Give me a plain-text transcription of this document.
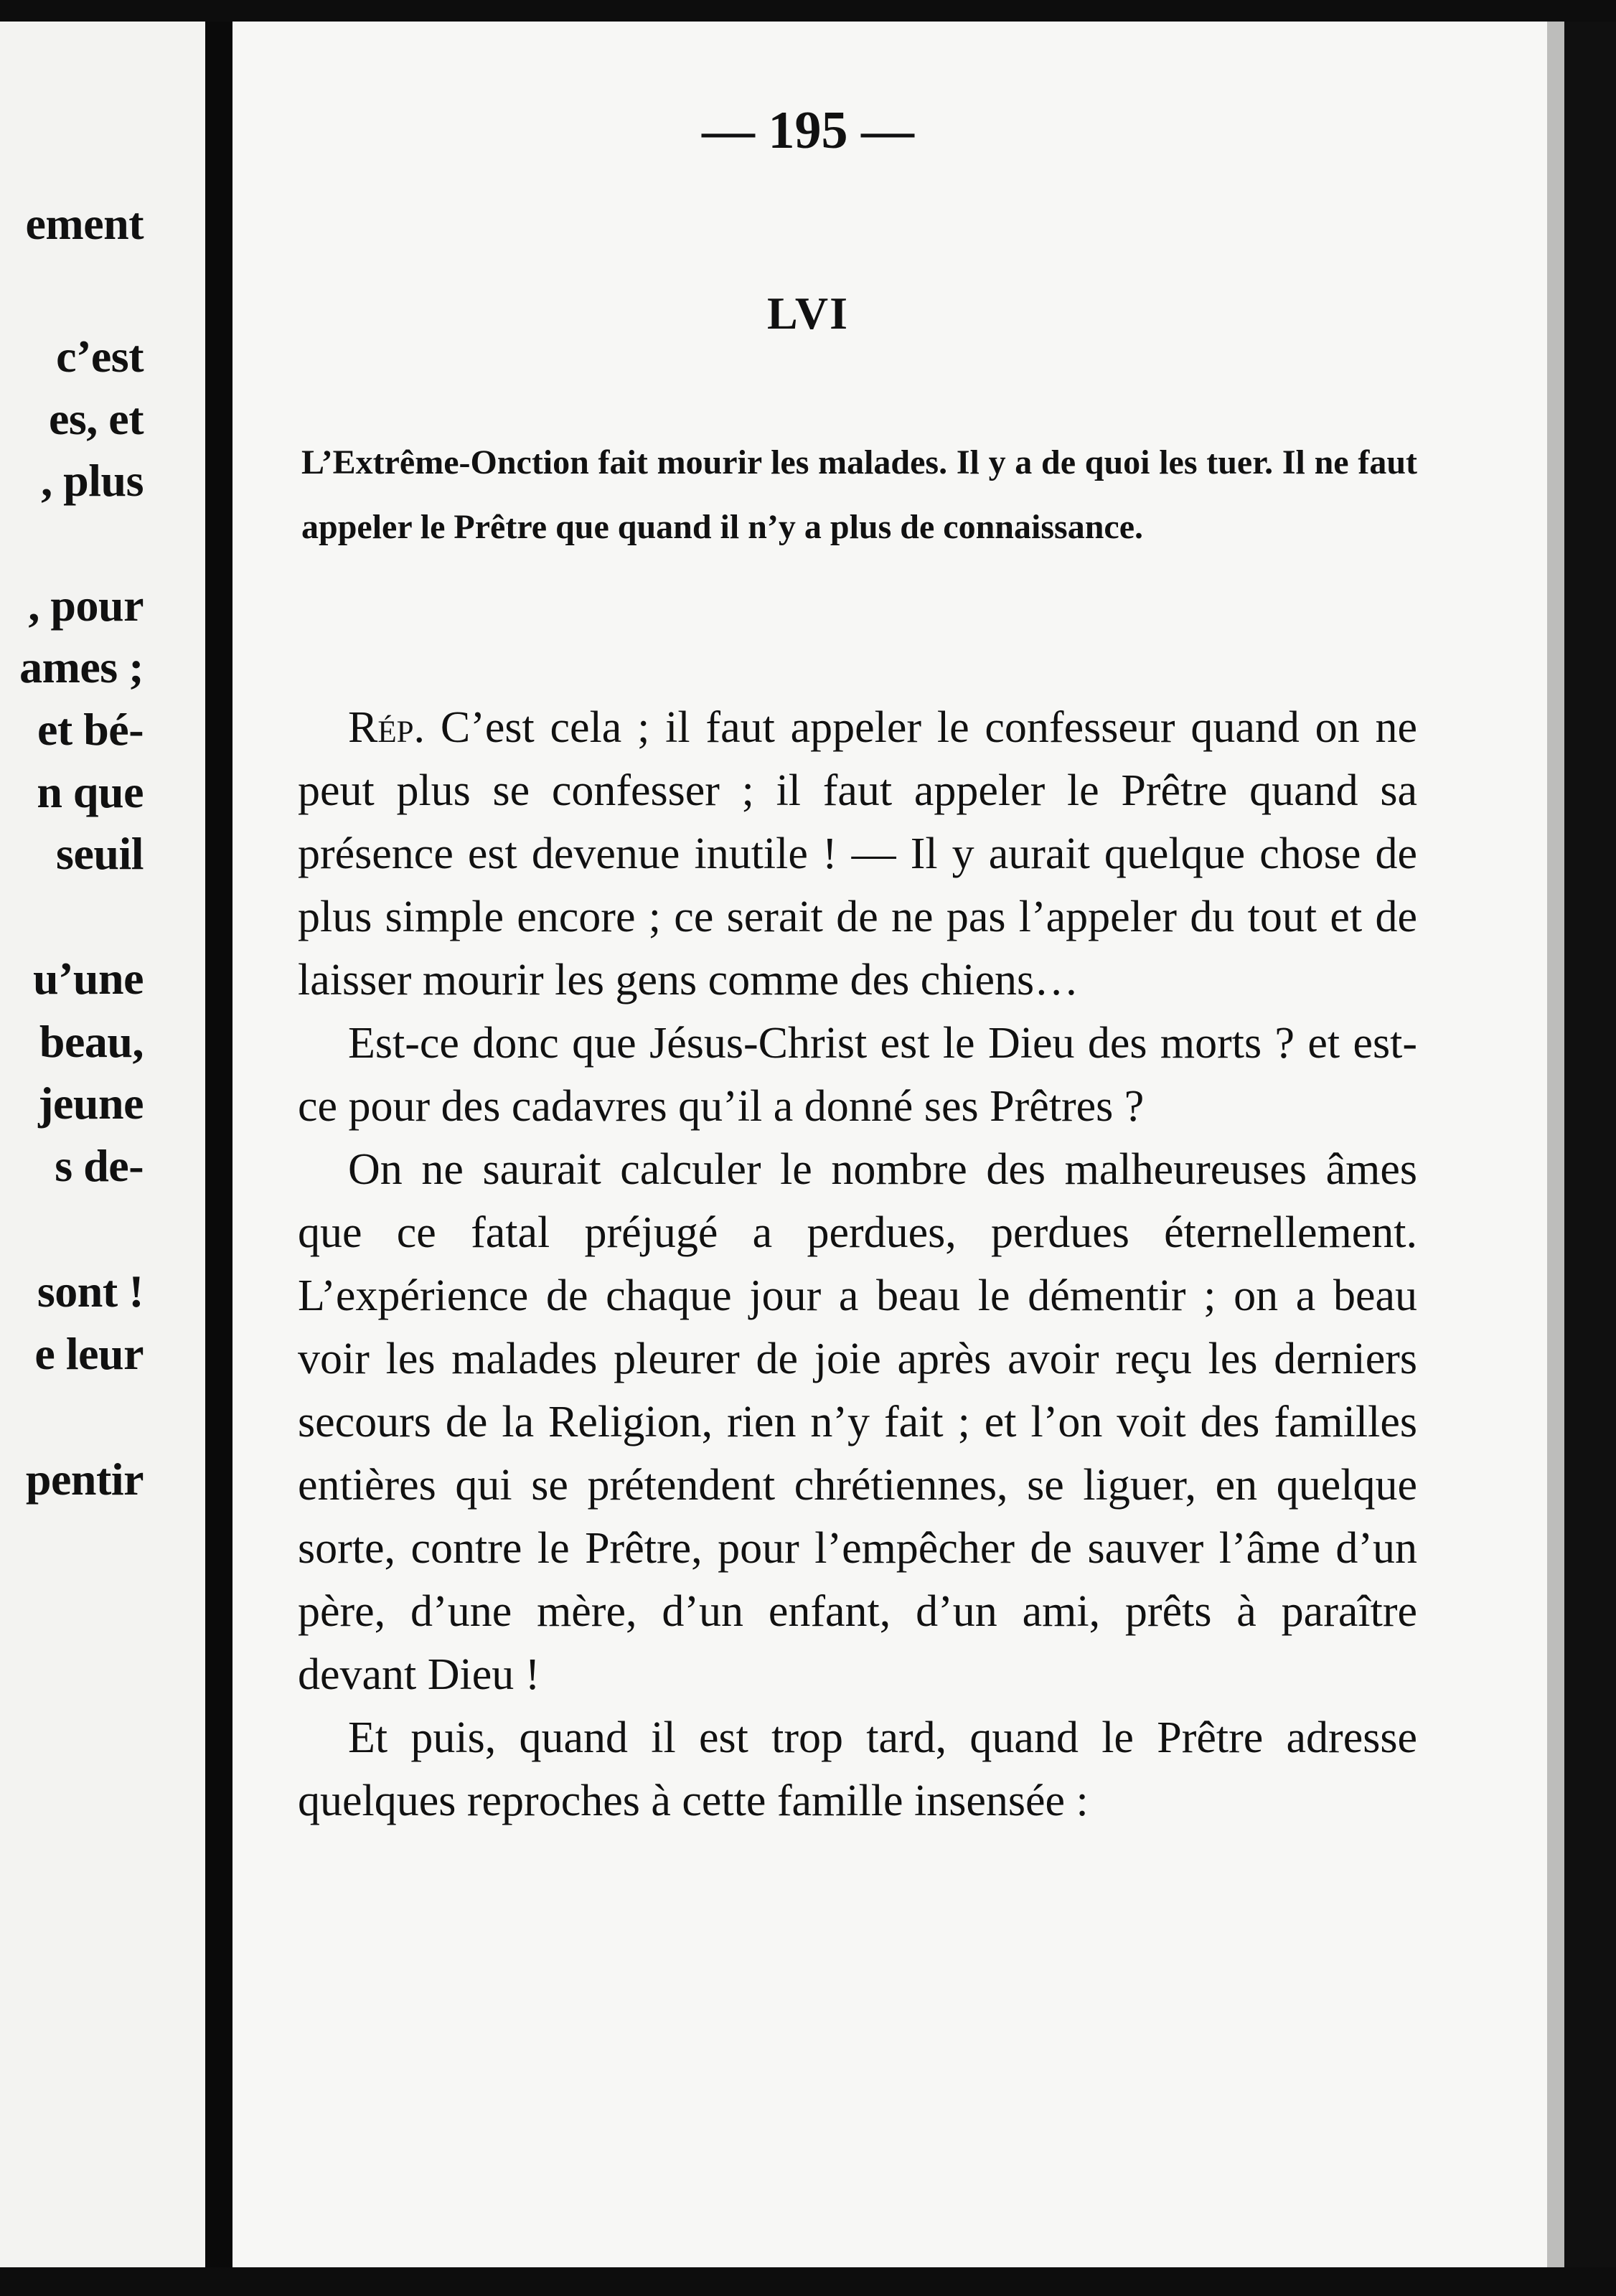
ement
c’est
es, et
, plus
, pour
ames ;
et bé-
n que
seuil
u’une
beau,
jeune
s de-
sont !
e leur
pentir
— 195 —
LVI
L’Extrême-Onction fait mourir les malades. Il y a de quoi les tuer. Il ne faut appeler le Prêtre que quand il n’y a plus de connaissance.

Rép. C’est cela ; il faut appeler le confesseur quand on ne peut plus se confesser ; il faut appeler le Prêtre quand sa présence est devenue inutile ! — Il y aurait quelque chose de plus simple encore ; ce serait de ne pas l’appeler du tout et de laisser mourir les gens comme des chiens…

Est-ce donc que Jésus-Christ est le Dieu des morts ? et est-ce pour des cadavres qu’il a donné ses Prêtres ?

On ne saurait calculer le nombre des malheureuses âmes que ce fatal préjugé a perdues, perdues éternellement. L’expérience de chaque jour a beau le démentir ; on a beau voir les malades pleurer de joie après avoir reçu les derniers secours de la Religion, rien n’y fait ; et l’on voit des familles entières qui se prétendent chrétiennes, se liguer, en quelque sorte, contre le Prêtre, pour l’empêcher de sauver l’âme d’un père, d’une mère, d’un enfant, d’un ami, prêts à paraître devant Dieu !

Et puis, quand il est trop tard, quand le Prêtre adresse quelques reproches à cette famille insensée :
